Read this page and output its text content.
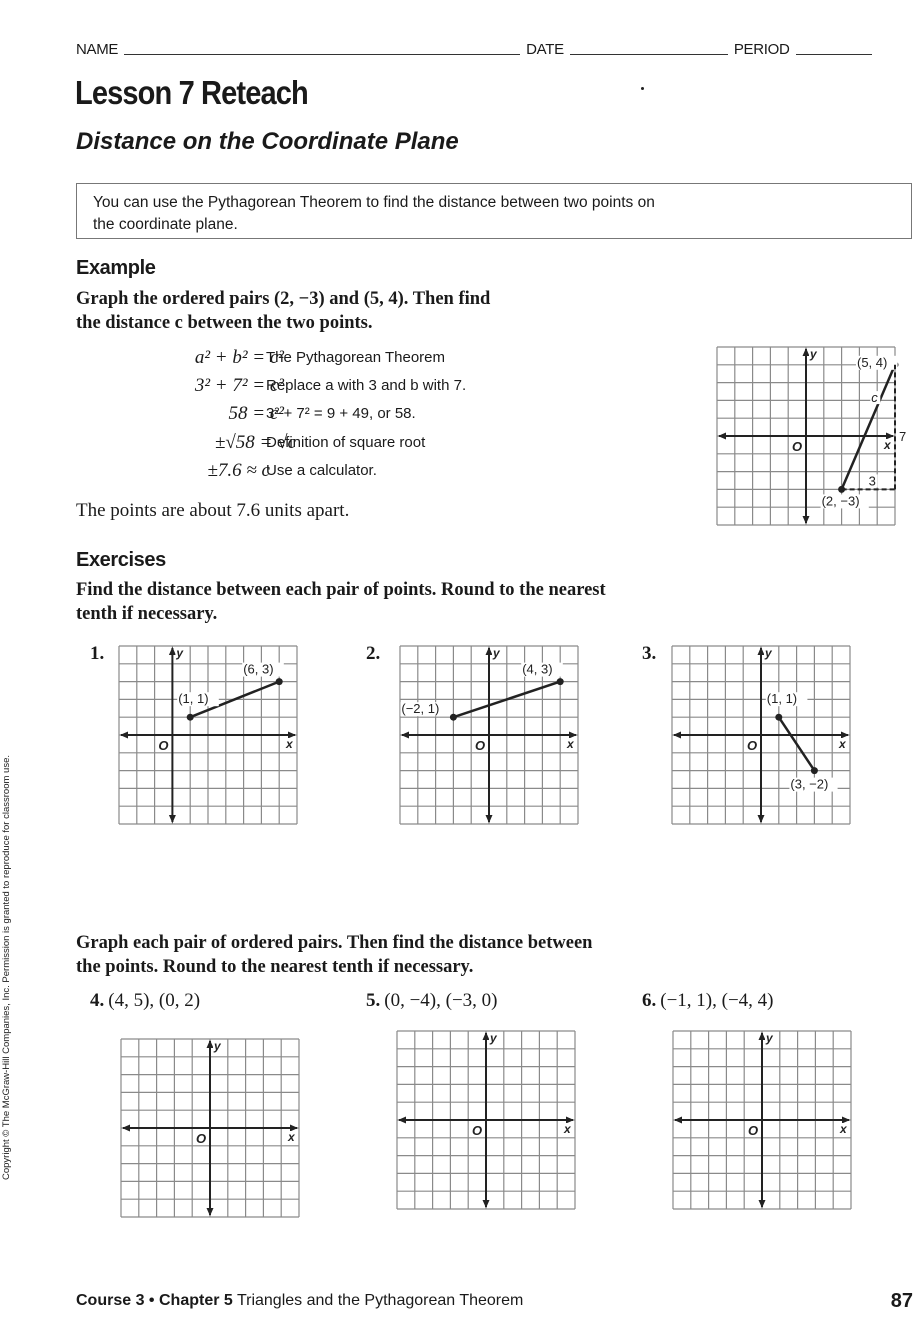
NAME	DATE	PERIOD
Lesson 7 Reteach
Distance on the Coordinate Plane
You can use the Pythagorean Theorem to find the distance between two points on
the coordinate plane.
Example
Graph the ordered pairs (2, −3) and (5, 4). Then find
the distance c between the two points.
a² + b² = c²
The Pythagorean Theorem
3² + 7² = c²
Replace a with 3 and b with 7.
58 = c²
3² + 7² = 9 + 49, or 58.
±√58 = √c
Definition of square root
±7.6 ≈ c
Use a calculator.
The points are about 7.6 units apart.
Exercises
Find the distance between each pair of points. Round to the nearest
tenth if necessary.
1.	2.	3.
Graph each pair of ordered pairs. Then find the distance between
the points. Round to the nearest tenth if necessary.
4. (4, 5), (0, 2)	5. (0, −4), (−3, 0)	6. (−1, 1), (−4, 4)
y
x
O
(2, −3)
(5, 4)
c
3
7
y
x
O
(1, 1)
(6, 3)
y
x
O
(−2, 1)
(4, 3)
y
x
O
(1, 1)
(3, −2)
y
x
O
y
x
O
y
x
O
Course 3 • Chapter 5 Triangles and the Pythagorean Theorem	87
Copyright © The McGraw-Hill Companies, Inc. Permission is granted to reproduce for classroom use.
